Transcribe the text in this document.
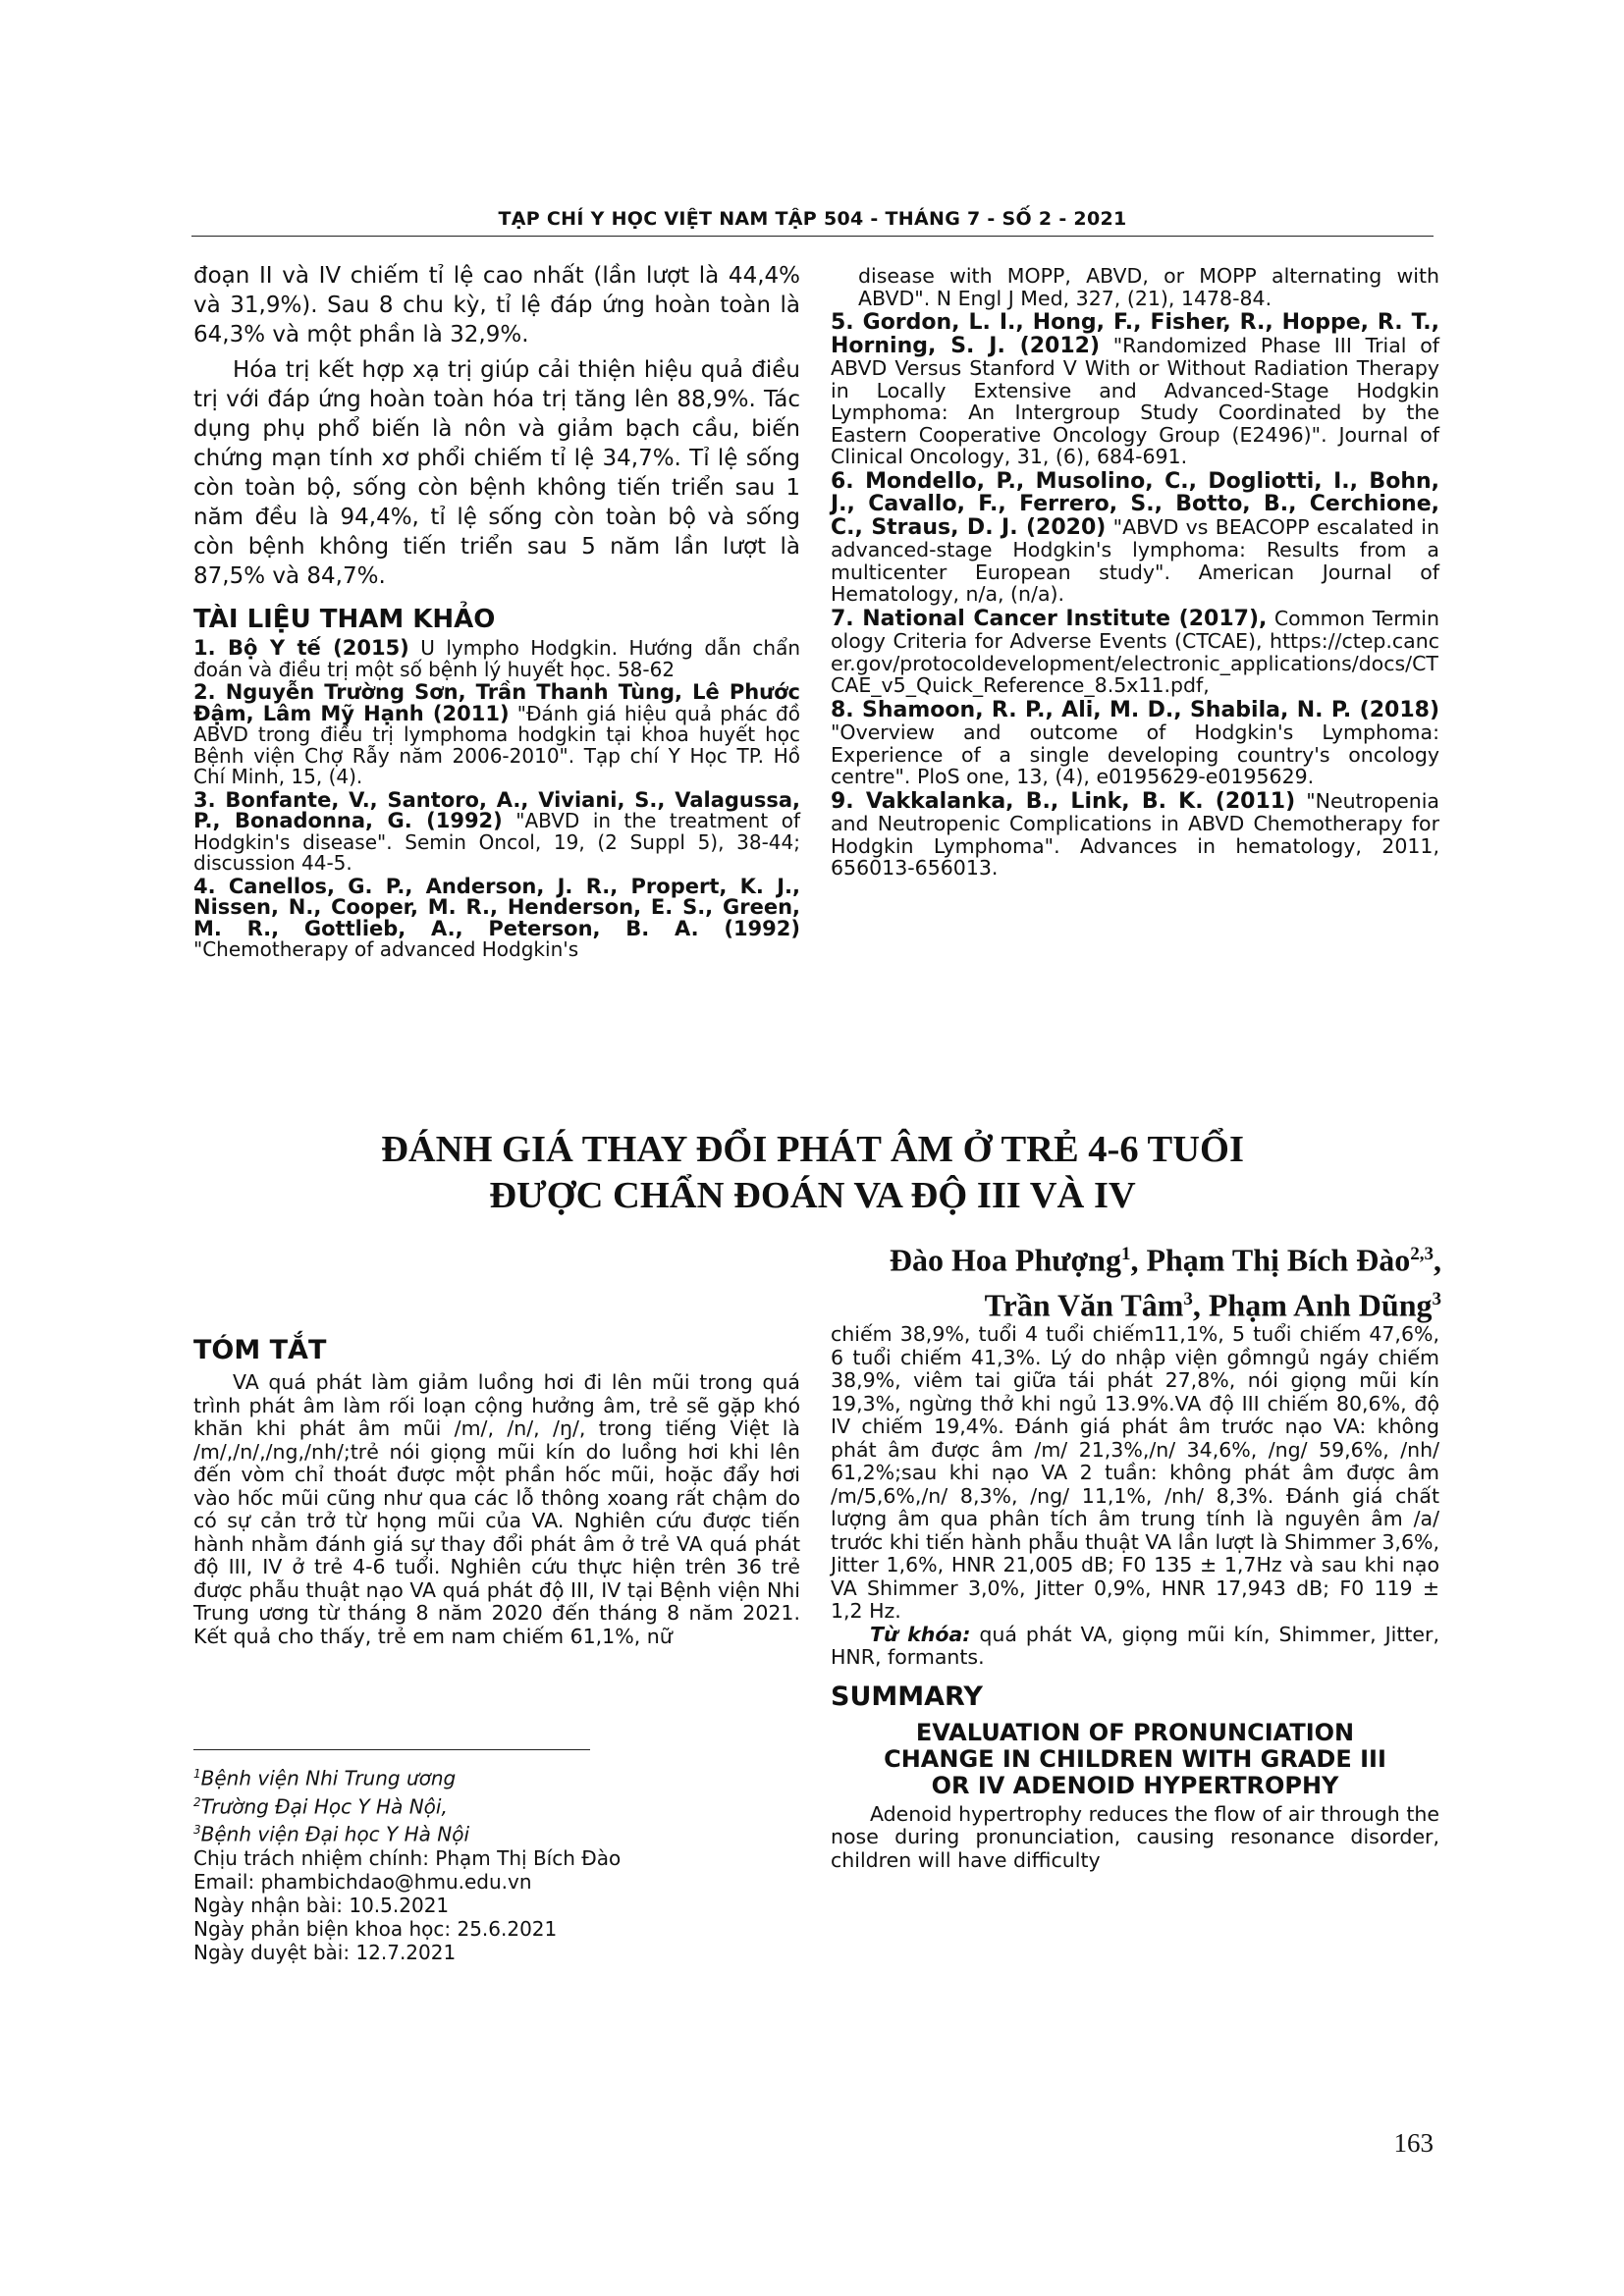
TẠP CHÍ Y HỌC VIỆT NAM TẬP 504 - THÁNG 7 - SỐ 2 - 2021

đoạn II và IV chiếm tỉ lệ cao nhất (lần lượt là 44,4% và 31,9%). Sau 8 chu kỳ, tỉ lệ đáp ứng hoàn toàn là 64,3% và một phần là 32,9%.

Hóa trị kết hợp xạ trị giúp cải thiện hiệu quả điều trị với đáp ứng hoàn toàn hóa trị tăng lên 88,9%. Tác dụng phụ phổ biến là nôn và giảm bạch cầu, biến chứng mạn tính xơ phổi chiếm tỉ lệ 34,7%. Tỉ lệ sống còn toàn bộ, sống còn bệnh không tiến triển sau 1 năm đều là 94,4%, tỉ lệ sống còn toàn bộ và sống còn bệnh không tiến triển sau 5 năm lần lượt là 87,5% và 84,7%.

TÀI LIỆU THAM KHẢO

1. Bộ Y tế (2015) U lympho Hodgkin. Hướng dẫn chẩn đoán và điều trị một số bệnh lý huyết học. 58-62

2. Nguyễn Trường Sơn, Trần Thanh Tùng, Lê Phước Đậm, Lâm Mỹ Hạnh (2011) "Đánh giá hiệu quả phác đồ ABVD trong điều trị lymphoma hodgkin tại khoa huyết học Bệnh viện Chợ Rẫy năm 2006-2010". Tạp chí Y Học TP. Hồ Chí Minh, 15, (4).

3. Bonfante, V., Santoro, A., Viviani, S., Valagussa, P., Bonadonna, G. (1992) "ABVD in the treatment of Hodgkin's disease". Semin Oncol, 19, (2 Suppl 5), 38-44; discussion 44-5.

4. Canellos, G. P., Anderson, J. R., Propert, K. J., Nissen, N., Cooper, M. R., Henderson, E. S., Green, M. R., Gottlieb, A., Peterson, B. A. (1992) "Chemotherapy of advanced Hodgkin's

disease with MOPP, ABVD, or MOPP alternating with ABVD". N Engl J Med, 327, (21), 1478-84.

5. Gordon, L. I., Hong, F., Fisher, R., Hoppe, R. T., Horning, S. J. (2012) "Randomized Phase III Trial of ABVD Versus Stanford V With or Without Radiation Therapy in Locally Extensive and Advanced-Stage Hodgkin Lymphoma: An Intergroup Study Coordinated by the Eastern Cooperative Oncology Group (E2496)". Journal of Clinical Oncology, 31, (6), 684-691.

6. Mondello, P., Musolino, C., Dogliotti, I., Bohn, J., Cavallo, F., Ferrero, S., Botto, B., Cerchione, C., Straus, D. J. (2020) "ABVD vs BEACOPP escalated in advanced-stage Hodgkin's lymphoma: Results from a multicenter European study". American Journal of Hematology, n/a, (n/a).

7. National Cancer Institute (2017), Common Terminology Criteria for Adverse Events (CTCAE), https://ctep.cancer.gov/protocoldevelopment/electronic_applications/docs/CTCAE_v5_Quick_Reference_8.5x11.pdf,

8. Shamoon, R. P., Ali, M. D., Shabila, N. P. (2018) "Overview and outcome of Hodgkin's Lymphoma: Experience of a single developing country's oncology centre". PloS one, 13, (4), e0195629-e0195629.

9. Vakkalanka, B., Link, B. K. (2011) "Neutropenia and Neutropenic Complications in ABVD Chemotherapy for Hodgkin Lymphoma". Advances in hematology, 2011, 656013-656013.

ĐÁNH GIÁ THAY ĐỔI PHÁT ÂM Ở TRẺ 4-6 TUỔI
ĐƯỢC CHẨN ĐOÁN VA ĐỘ III VÀ IV
Đào Hoa Phượng$^1$, Phạm Thị Bích Đào$^{2,3}$,
Trần Văn Tâm$^3$, Phạm Anh Dũng$^3$
TÓM TẮT

VA quá phát làm giảm luồng hơi đi lên mũi trong quá trình phát âm làm rối loạn cộng hưởng âm, trẻ sẽ gặp khó khăn khi phát âm mũi /m/, /n/, /ŋ/, trong tiếng Việt là /m/,/n/,/ng,/nh/;trẻ nói giọng mũi kín do luồng hơi khi lên đến vòm chỉ thoát được một phần hốc mũi, hoặc đẩy hơi vào hốc mũi cũng như qua các lỗ thông xoang rất chậm do có sự cản trở từ họng mũi của VA. Nghiên cứu được tiến hành nhằm đánh giá sự thay đổi phát âm ở trẻ VA quá phát độ III, IV ở trẻ 4-6 tuổi. Nghiên cứu thực hiện trên 36 trẻ được phẫu thuật nạo VA quá phát độ III, IV tại Bệnh viện Nhi Trung ương từ tháng 8 năm 2020 đến tháng 8 năm 2021. Kết quả cho thấy, trẻ em nam chiếm 61,1%, nữ

$^1$Bệnh viện Nhi Trung ương
$^2$Trường Đại Học Y Hà Nội,
$^3$Bệnh viện Đại học Y Hà Nội
Chịu trách nhiệm chính: Phạm Thị Bích Đào
Email: phambichdao@hmu.edu.vn
Ngày nhận bài: 10.5.2021
Ngày phản biện khoa học: 25.6.2021
Ngày duyệt bài: 12.7.2021

chiếm 38,9%, tuổi 4 tuổi chiếm11,1%, 5 tuổi chiếm 47,6%, 6 tuổi chiếm 41,3%. Lý do nhập viện gồmngủ ngáy chiếm 38,9%, viêm tai giữa tái phát 27,8%, nói giọng mũi kín 19,3%, ngừng thở khi ngủ 13.9%.VA độ III chiếm 80,6%, độ IV chiếm 19,4%. Đánh giá phát âm trước nạo VA: không phát âm được âm /m/ 21,3%,/n/ 34,6%, /ng/ 59,6%, /nh/ 61,2%;sau khi nạo VA 2 tuần: không phát âm được âm /m/5,6%,/n/ 8,3%, /ng/ 11,1%, /nh/ 8,3%. Đánh giá chất lượng âm qua phân tích âm trung tính là nguyên âm /a/ trước khi tiến hành phẫu thuật VA lần lượt là Shimmer 3,6%, Jitter 1,6%, HNR 21,005 dB; F0 135 ± 1,7Hz và sau khi nạo VA Shimmer 3,0%, Jitter 0,9%, HNR 17,943 dB; F0 119 ± 1,2 Hz.

Từ khóa: quá phát VA, giọng mũi kín, Shimmer, Jitter, HNR, formants.

SUMMARY
EVALUATION OF PRONUNCIATION
CHANGE IN CHILDREN WITH GRADE III
OR IV ADENOID HYPERTROPHY

Adenoid hypertrophy reduces the flow of air through the nose during pronunciation, causing resonance disorder, children will have difficulty

163
